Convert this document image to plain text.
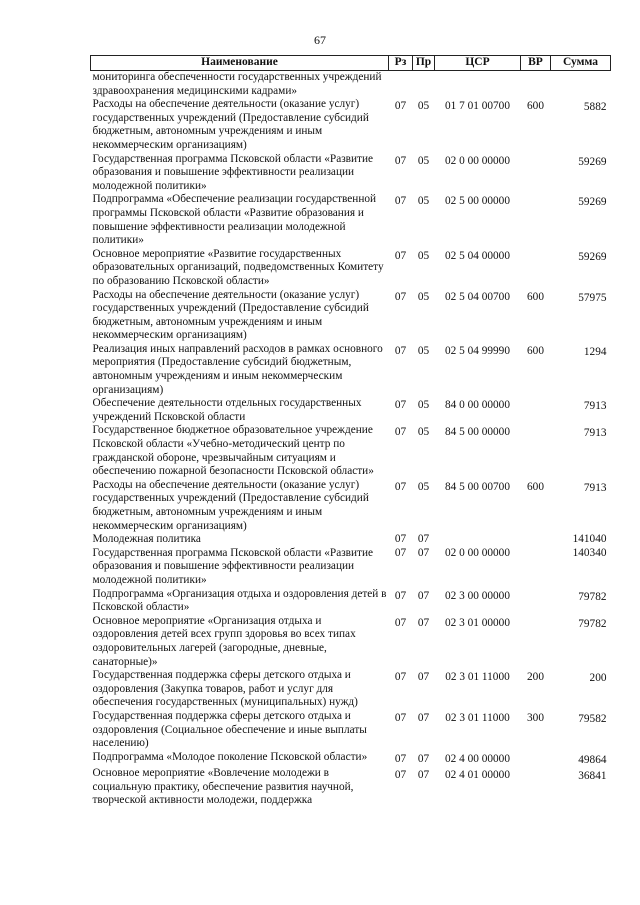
67
Наименование	Рз	Пр	ЦСР	ВР	Сумма
мониторинга обеспеченности государственных учреждений здравоохранения медицинскими кадрами»					
Расходы на обеспечение деятельности (оказание услуг) государственных учреждений (Предоставление субсидий бюджетным, автономным учреждениям и иным некоммерческим организациям)	07	05	01 7 01 00700	600	5882
Государственная программа Псковской области «Развитие образования и повышение эффективности реализации молодежной политики»	07	05	02 0 00 00000		59269
Подпрограмма «Обеспечение реализации государственной программы Псковской области «Развитие образования и повышение эффективности реализации молодежной политики»	07	05	02 5 00 00000		59269
Основное мероприятие «Развитие государственных образовательных организаций, подведомственных Комитету по образованию Псковской области»	07	05	02 5 04 00000		59269
Расходы на обеспечение деятельности (оказание услуг) государственных учреждений (Предоставление субсидий бюджетным, автономным учреждениям и иным некоммерческим организациям)	07	05	02 5 04 00700	600	57975
Реализация иных направлений расходов в рамках основного мероприятия (Предоставление субсидий бюджетным, автономным учреждениям и иным некоммерческим организациям)	07	05	02 5 04 99990	600	1294
Обеспечение деятельности отдельных государственных учреждений Псковской области	07	05	84 0 00 00000		7913
Государственное бюджетное образовательное учреждение Псковской области «Учебно-методический центр по гражданской обороне, чрезвычайным ситуациям и обеспечению пожарной безопасности Псковской области»	07	05	84 5 00 00000		7913
Расходы на обеспечение деятельности (оказание услуг) государственных учреждений (Предоставление субсидий бюджетным, автономным учреждениям и иным некоммерческим организациям)	07	05	84 5 00 00700	600	7913
Молодежная политика	07	07			141040
Государственная программа Псковской области «Развитие образования и повышение эффективности реализации молодежной политики»	07	07	02 0 00 00000		140340
Подпрограмма «Организация отдыха и оздоровления детей в Псковской области»	07	07	02 3 00 00000		79782
Основное мероприятие «Организация отдыха и оздоровления детей всех групп здоровья во всех типах оздоровительных лагерей (загородные, дневные, санаторные)»	07	07	02 3 01 00000		79782
Государственная поддержка сферы детского отдыха и оздоровления (Закупка товаров, работ и услуг для обеспечения государственных (муниципальных) нужд)	07	07	02 3 01 11000	200	200
Государственная поддержка сферы детского отдыха и оздоровления (Социальное обеспечение и иные выплаты населению)	07	07	02 3 01 11000	300	79582
Подпрограмма «Молодое поколение Псковской области»	07	07	02 4 00 00000		49864
Основное мероприятие «Вовлечение молодежи в социальную практику, обеспечение развития научной, творческой активности молодежи, поддержка	07	07	02 4 01 00000		36841
